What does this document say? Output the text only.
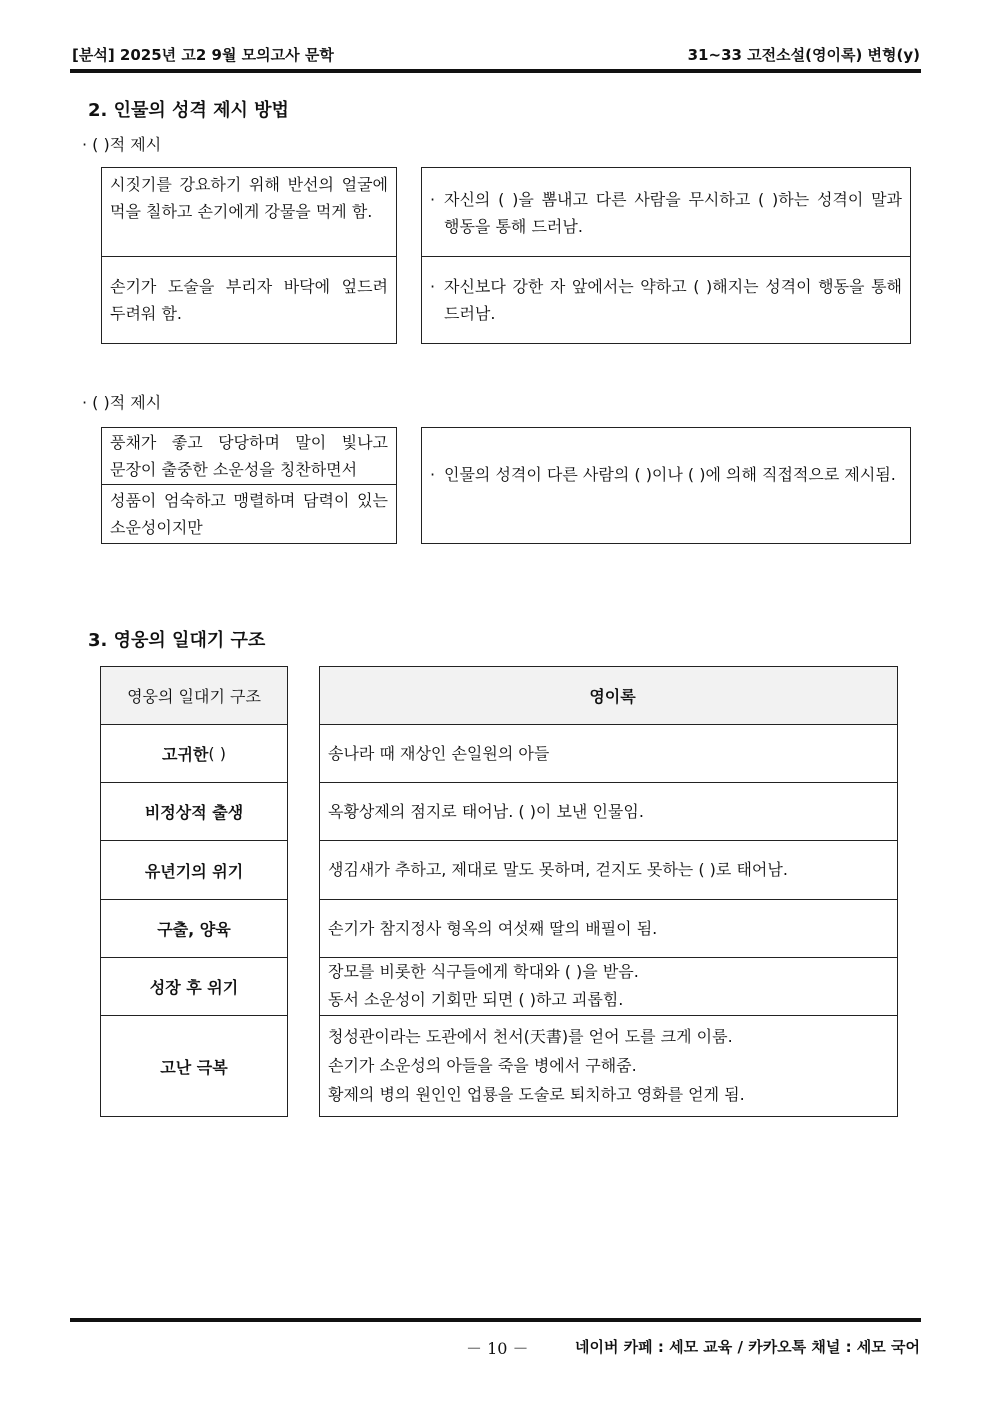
[분석] 2025년 고2 9월 모의고사 문학	31~33 고전소설(영이록) 변형(y)
2. 인물의 성격 제시 방법
· ( )적 제시
시짓기를 강요하기 위해 반선의 얼굴에 먹을 칠하고 손기에게 강물을 먹게 함.
손기가 도술을 부리자 바닥에 엎드려 두려워 함.
· 자신의 ( )을 뽐내고 다른 사람을 무시하고 ( )하는 성격이 말과 행동을 통해 드러남.
· 자신보다 강한 자 앞에서는 약하고 ( )해지는 성격이 행동을 통해 드러남.
· ( )적 제시
풍채가 좋고 당당하며 말이 빛나고 문장이 출중한 소운성을 칭찬하면서
성품이 엄숙하고 맹렬하며 담력이 있는 소운성이지만
· 인물의 성격이 다른 사람의 ( )이나 ( )에 의해 직접적으로 제시됨.
3. 영웅의 일대기 구조
영웅의 일대기 구조
고귀한 ( )
비정상적 출생
유년기의 위기
구출, 양육
성장 후 위기
고난 극복
영이록
송나라 때 재상인 손일원의 아들
옥황상제의 점지로 태어남. ( )이 보낸 인물임.
생김새가 추하고, 제대로 말도 못하며, 걷지도 못하는 ( )로 태어남.
손기가 참지정사 형옥의 여섯째 딸의 배필이 됨.
장모를 비롯한 식구들에게 학대와 ( )을 받음.
동서 소운성이 기회만 되면 ( )하고 괴롭힘.
청성관이라는 도관에서 천서(天書)를 얻어 도를 크게 이룸.
손기가 소운성의 아들을 죽을 병에서 구해줌.
황제의 병의 원인인 업룡을 도술로 퇴치하고 영화를 얻게 됨.
－ 10 －	네이버 카페 : 세모 교육 / 카카오톡 채널 : 세모 국어
